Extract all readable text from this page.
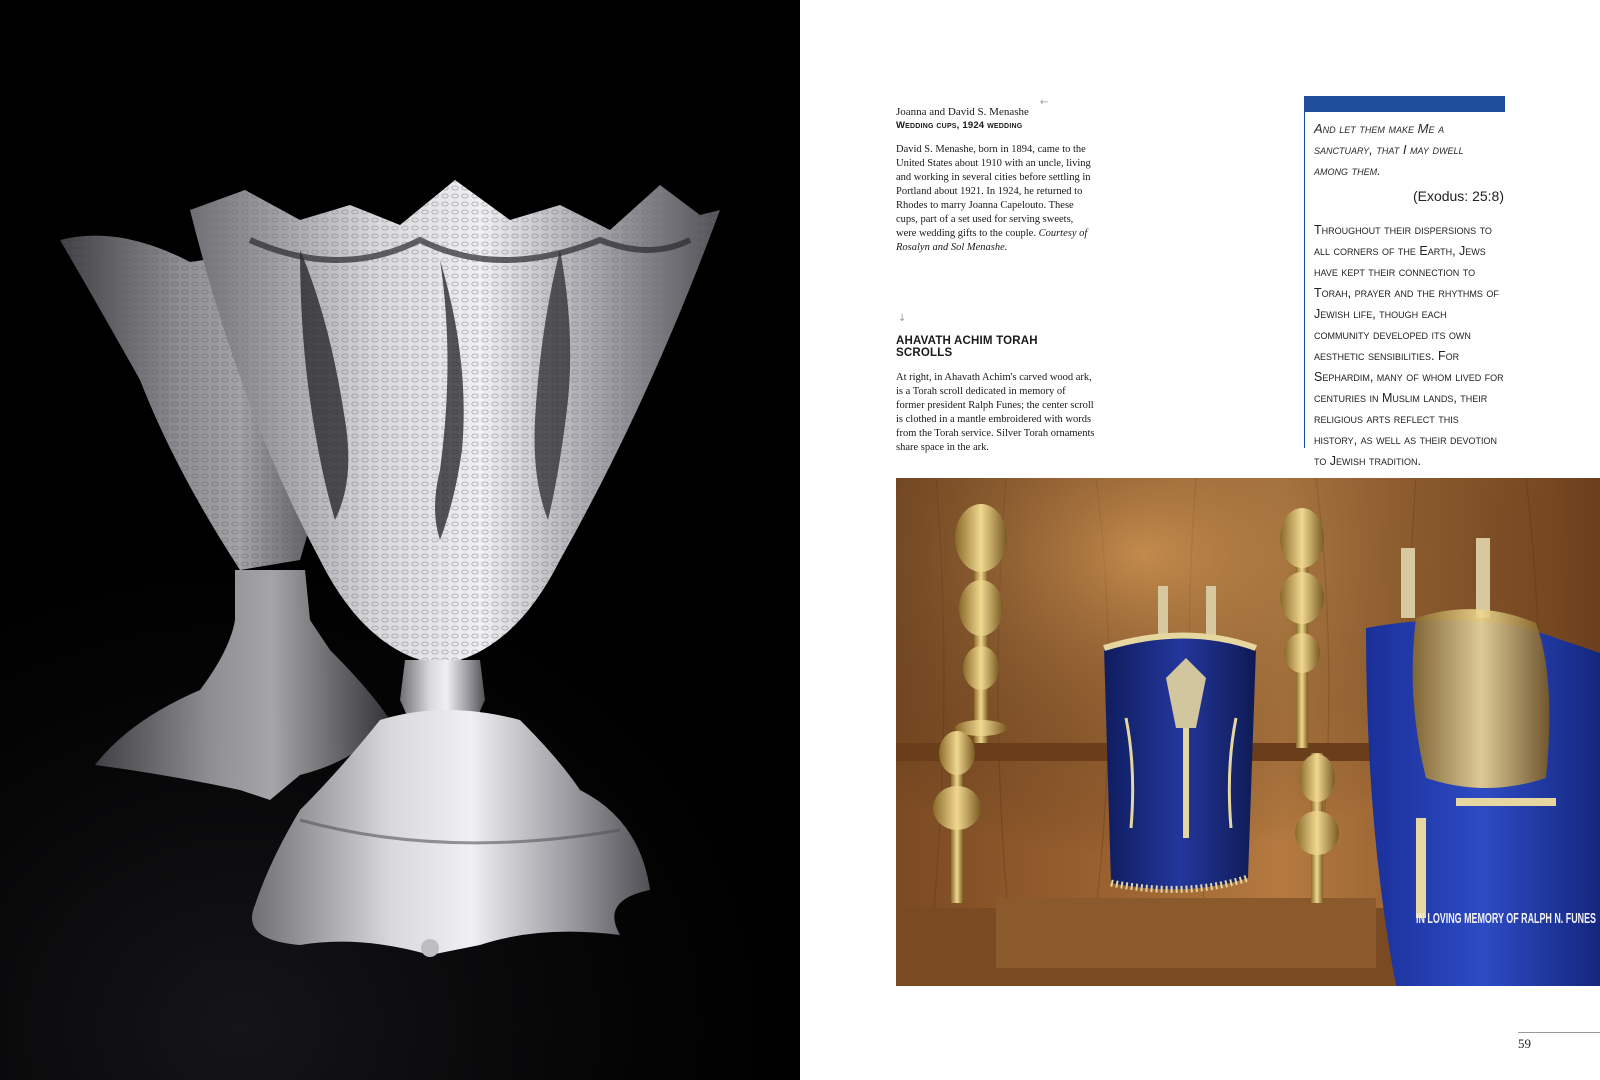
Joanna and David S. Menashe
Wedding cups, 1924 wedding
David S. Menashe, born in 1894, came to the United States about 1910 with an uncle, living and working in several cities before settling in Portland about 1921. In 1924, he returned to Rhodes to marry Joanna Capelouto. These cups, part of a set used for serving sweets, were wedding gifts to the couple. Courtesy of Rosalyn and Sol Menashe.
←
↓
AHAVATH ACHIM TORAH SCROLLS
At right, in Ahavath Achim's carved wood ark, is a Torah scroll dedicated in memory of former president Ralph Funes; the center scroll is clothed in a mantle embroidered with words from the Torah service. Silver Torah ornaments share space in the ark.
And let them make Me a sanctuary, that I may dwell among them.
(Exodus: 25:8)
Throughout their dispersions to all corners of the Earth, Jews have kept their connection to Torah, prayer and the rhythms of Jewish life, though each community developed its own aesthetic sensibilities. For Sephardim, many of whom lived for centuries in Muslim lands, their religious arts reflect this history, as well as their devotion to Jewish tradition.
IN LOVING MEMORY OF RALPH N. FUNES
59
